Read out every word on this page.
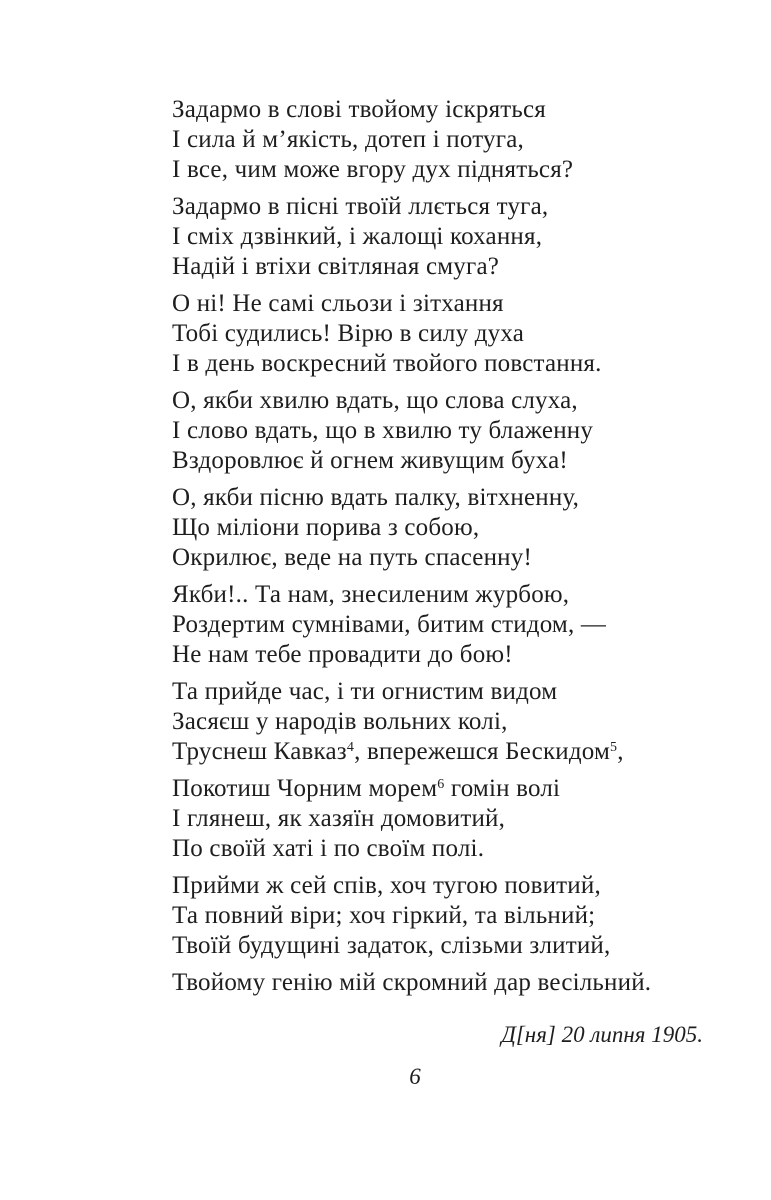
Задармо в слові твойому іскряться
І сила й м’якість, дотеп і потуга,
І все, чим може вгору дух підняться?

Задармо в пісні твоїй ллється туга,
І сміх дзвінкий, і жалощі кохання,
Надій і втіхи світляная смуга?

О ні! Не самі сльози і зітхання
Тобі судились! Вірю в силу духа
І в день воскресний твойого повстання.

О, якби хвилю вдать, що слова слуха,
І слово вдать, що в хвилю ту блаженну
Вздоровлює й огнем живущим буха!

О, якби пісню вдать палку, вітхненну,
Що міліони порива з собою,
Окрилює, веде на путь спасенну!

Якби!.. Та нам, знесиленим журбою,
Роздертим сумнівами, битим стидом, —
Не нам тебе провадити до бою!

Та прийде час, і ти огнистим видом
Засяєш у народів вольних колі,
Труснеш Кавказ$^4$, впережешся Бескидом$^5$,

Покотиш Чорним морем$^6$ гомін волі
І глянеш, як хазяїн домовитий,
По своїй хаті і по своїм полі.

Прийми ж сей спів, хоч тугою повитий,
Та повний віри; хоч гіркий, та вільний;
Твоїй будущині задаток, слізьми злитий,

Твойому генію мій скромний дар весільний.

Д[ня] 20 липня 1905.
6
